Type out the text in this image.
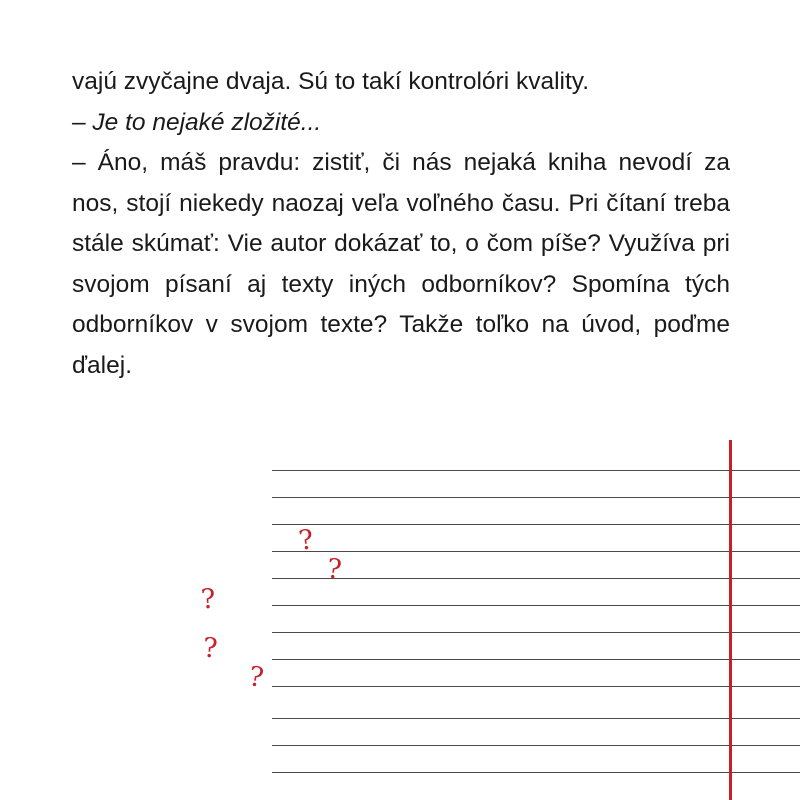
vajú zvyčajne dvaja. Sú to takí kontrolóri kvality.

– Je to nejaké zložité...

– Áno, máš pravdu: zistiť, či nás nejaká kniha nevodí za nos, stojí niekedy naozaj veľa voľného času. Pri čítaní treba stále skúmať: Vie autor dokázať to, o čom píše? Využíva pri svojom písaní aj texty iných odborníkov? Spomína tých odborníkov v svojom texte? Takže toľko na úvod, poďme ďalej.

?
?
?
?
?
